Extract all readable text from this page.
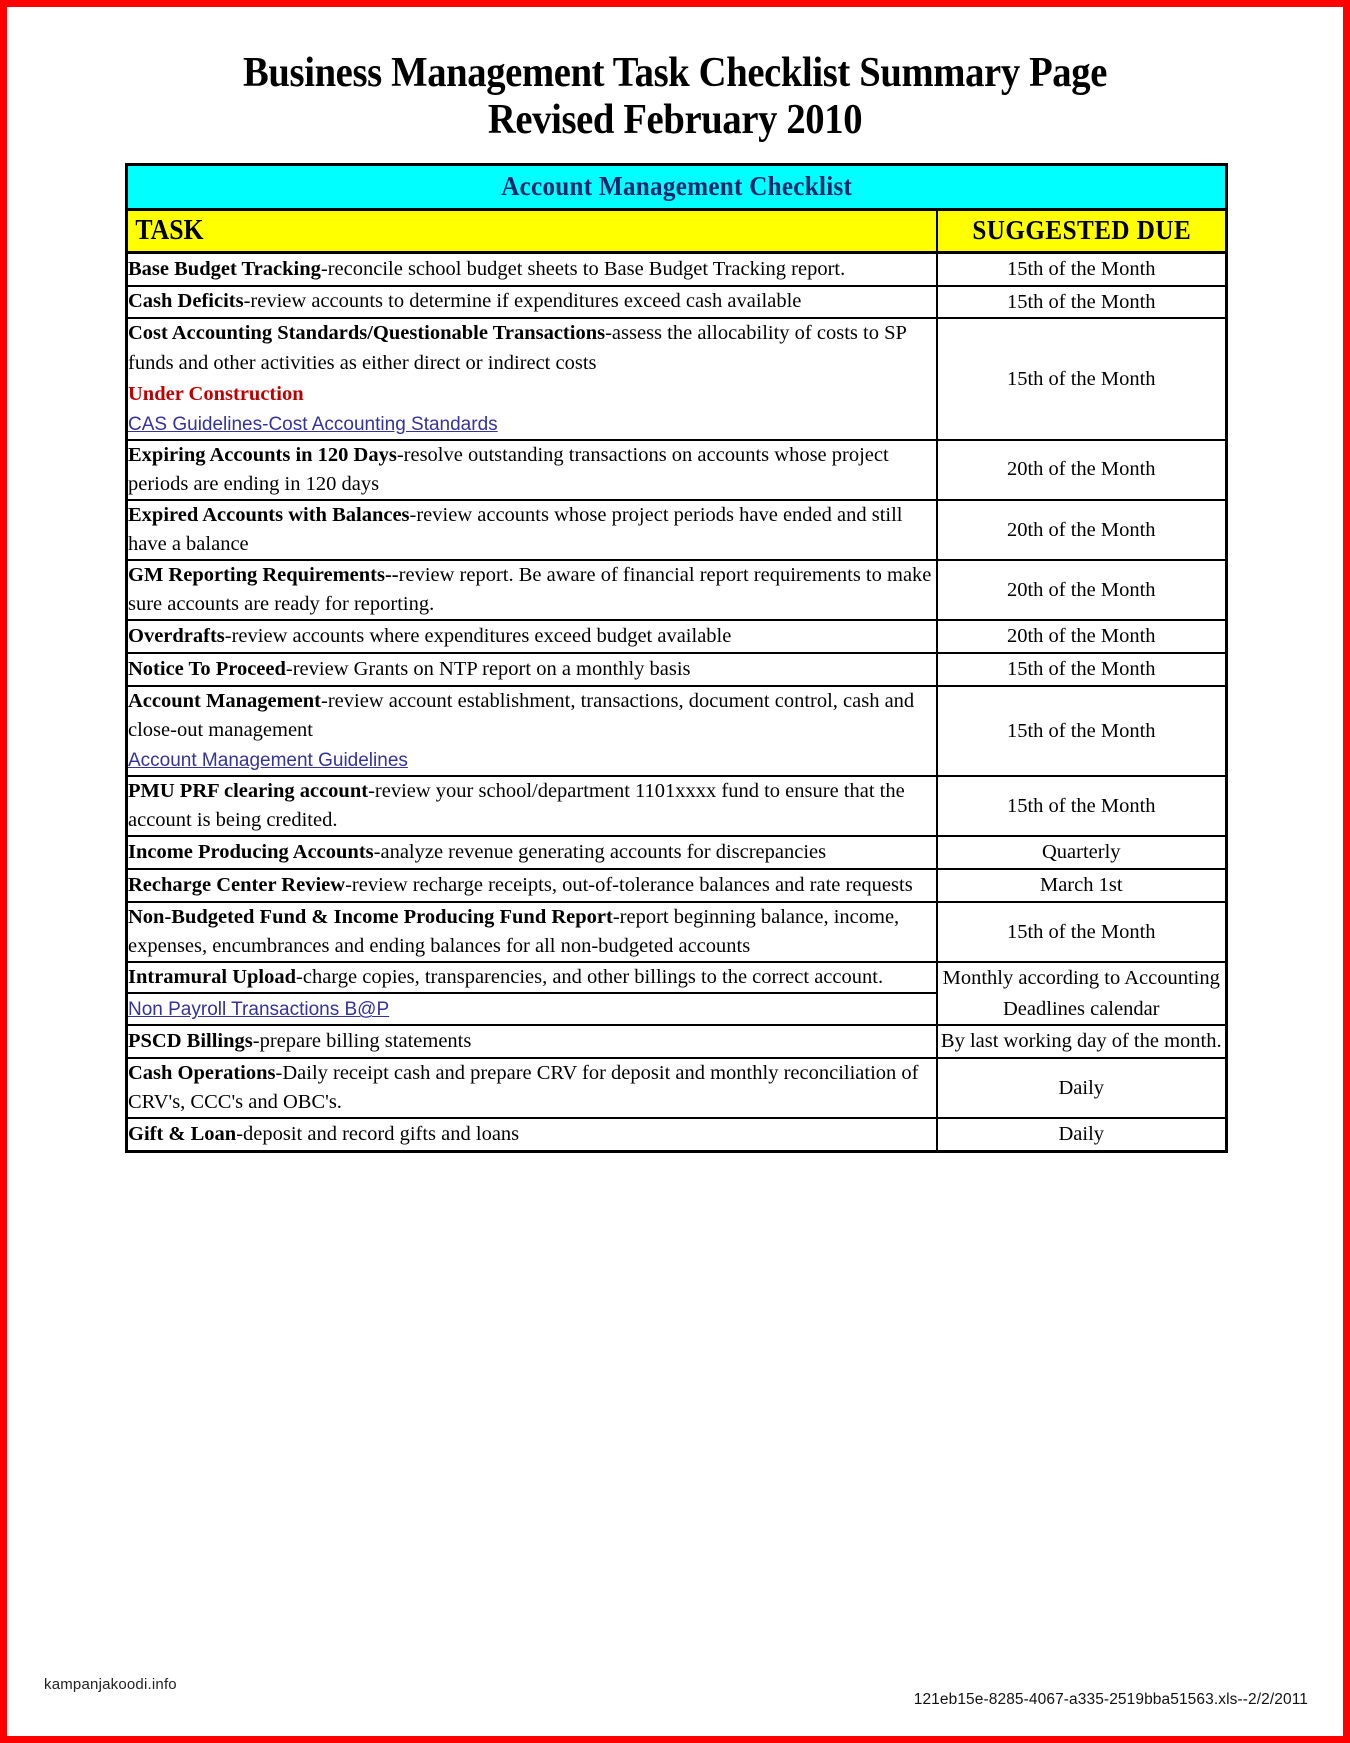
Business Management Task Checklist Summary Page
Revised February 2010
Account Management Checklist	
TASK	SUGGESTED DUE

Base Budget Tracking-reconcile school budget sheets to Base Budget Tracking report.	15th of the Month

Cash Deficits-review accounts to determine if expenditures exceed cash available	15th of the Month

Cost Accounting Standards/Questionable Transactions-assess the allocability of costs to SP funds and other activities as either direct or indirect costs
Under Construction
CAS Guidelines-Cost Accounting Standards	15th of the Month

Expiring Accounts in 120 Days-resolve outstanding transactions on accounts whose project periods are ending in 120 days	20th of the Month

Expired Accounts with Balances-review accounts whose project periods have ended and still have a balance	20th of the Month

GM Reporting Requirements--review report. Be aware of financial report requirements to make sure accounts are ready for reporting.	20th of the Month

Overdrafts-review accounts where expenditures exceed budget available	20th of the Month

Notice To Proceed-review Grants on NTP report on a monthly basis	15th of the Month

Account Management-review account establishment, transactions, document control, cash and close-out management
Account Management Guidelines	15th of the Month

PMU PRF clearing account-review your school/department 1101xxxx fund to ensure that the account is being credited.	15th of the Month

Income Producing Accounts-analyze revenue generating accounts for discrepancies	Quarterly

Recharge Center Review-review recharge receipts, out-of-tolerance balances and rate requests	March 1st

Non-Budgeted Fund & Income Producing Fund Report-report beginning balance, income, expenses, encumbrances and ending balances for all non-budgeted accounts	15th of the Month

Intramural Upload-charge copies, transparencies, and other billings to the correct account.	Monthly according to Accounting Deadlines calendar

Non Payroll Transactions B@P	

PSCD Billings-prepare billing statements	By last working day of the month.

Cash Operations-Daily receipt cash and prepare CRV for deposit and monthly reconciliation of CRV's, CCC's and OBC's.	Daily

Gift & Loan-deposit and record gifts and loans	Daily
kampanjakoodi.info
121eb15e-8285-4067-a335-2519bba51563.xls--2/2/2011
